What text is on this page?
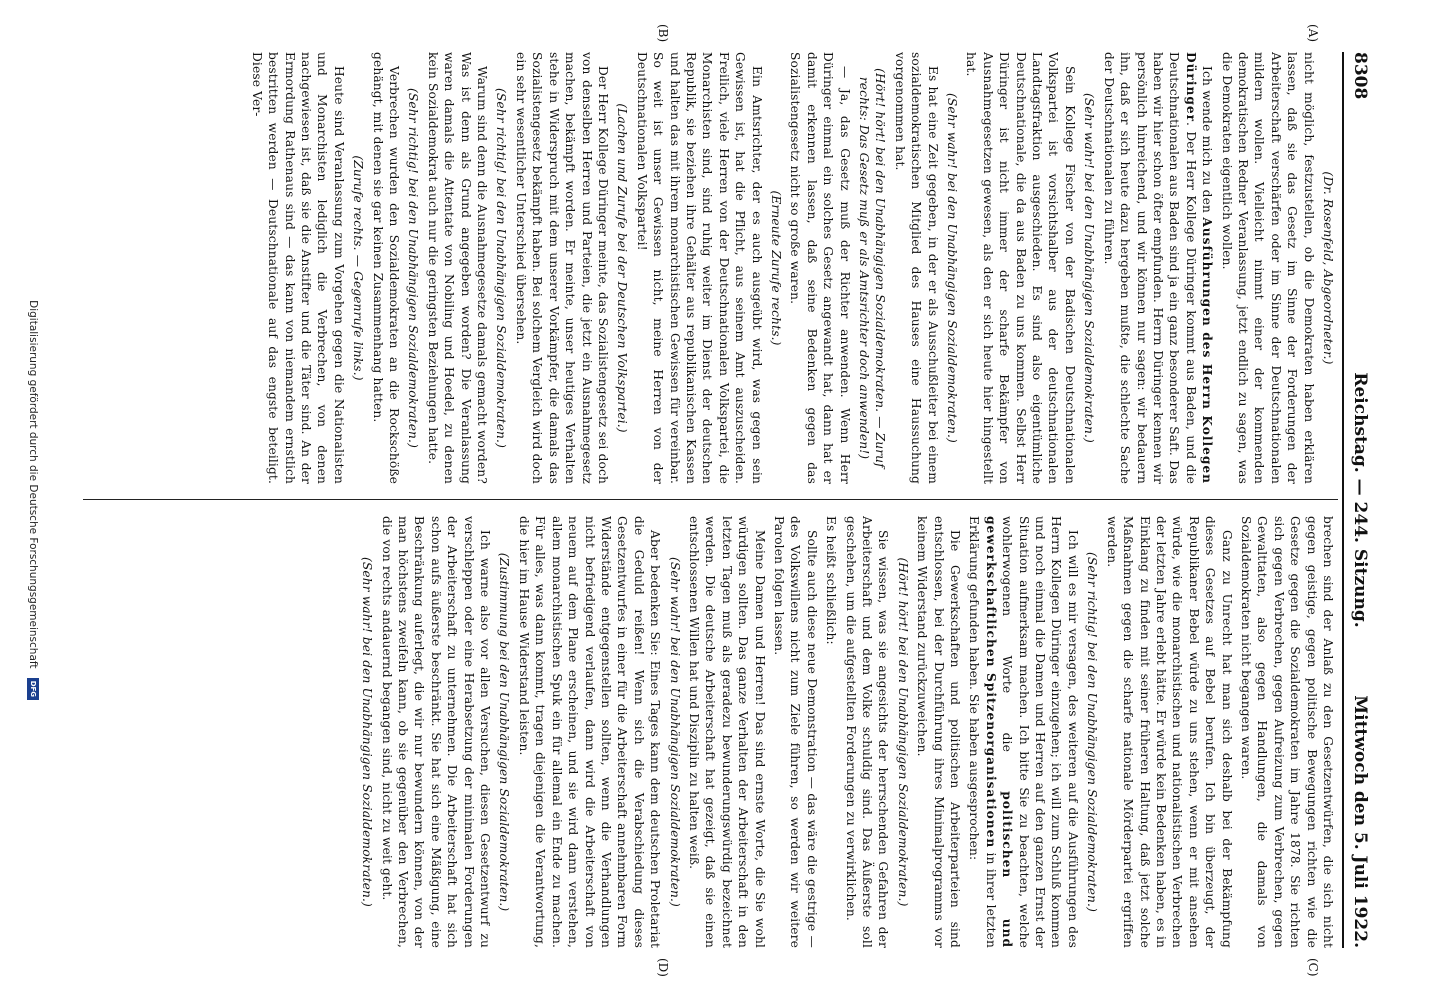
8308
Reichstag. — 244. Sitzung.
Mittwoch den 5. Juli 1922.
(A)
(B)
(C)
(D)

(Dr. Rosenfeld, Abgeordneter.)

nicht möglich, festzustellen, ob die Demokraten haben erklären lassen, daß sie das Gesetz im Sinne der Forderungen der Arbeiterschaft verschärfen oder im Sinne der Deutschnationalen mildern wollen. Vielleicht nimmt einer der kommenden demokratischen Redner Veranlassung, jetzt endlich zu sagen, was die Demokraten eigentlich wollen.

Ich wende mich zu den Ausführungen des Herrn Kollegen Düringer. Der Herr Kollege Düringer kommt aus Baden, und die Deutschnationalen aus Baden sind ja ein ganz besonderer Saft. Das haben wir hier schon öfter empfunden. Herrn Düringer kennen wir persönlich hinreichend, und wir können nur sagen: wir bedauern ihn, daß er sich heute dazu hergeben mußte, die schlechte Sache der Deutschnationalen zu führen.

(Sehr wahr! bei den Unabhängigen Sozialdemokraten.)

Sein Kollege Fischer von der Badischen Deutschnationalen Volkspartei ist vorsichtshalber aus der deutschnationalen Landtagsfraktion ausgeschieden. Es sind also eigentümliche Deutschnationale, die da aus Baden zu uns kommen. Selbst Herr Düringer ist nicht immer der scharfe Bekämpfer von Ausnahmegesetzen gewesen, als den er sich heute hier hingestellt hat.

(Sehr wahr! bei den Unabhängigen Sozialdemokraten.)

Es hat eine Zeit gegeben, in der er als Ausschußleiter bei einem sozialdemokratischen Mitglied des Hauses eine Haussuchung vorgenommen hat.

(Hört! hört! bei den Unabhängigen Sozialdemokraten. — Zuruf rechts: Das Gesetz muß er als Amtsrichter doch anwenden!)

— Ja, das Gesetz muß der Richter anwenden. Wenn Herr Düringer einmal ein solches Gesetz angewandt hat, dann hat er damit erkennen lassen, daß seine Bedenken gegen das Sozialistengesetz nicht so große waren.

(Erneute Zurufe rechts.)

Ein Amtsrichter, der es auch ausgeübt wird, was gegen sein Gewissen ist, hat die Pflicht, aus seinem Amt auszuscheiden. Freilich, viele Herren von der Deutschnationalen Volkspartei, die Monarchisten sind, sind ruhig weiter im Dienst der deutschen Republik, sie beziehen ihre Gehälter aus republikanischen Kassen und halten das mit ihrem monarchistischen Gewissen für vereinbar. So weit ist unser Gewissen nicht, meine Herren von der Deutschnationalen Volkspartei!

(Lachen und Zurufe bei der Deutschen Volkspartei.)

Der Herr Kollege Düringer meinte, das Sozialistengesetz sei doch von denselben Herren und Parteien, die jetzt ein Ausnahmegesetz machen, bekämpft worden. Er meinte, unser heutiges Verhalten stehe in Widerspruch mit dem unserer Vorkämpfer, die damals das Sozialistengesetz bekämpft haben. Bei solchem Vergleich wird doch ein sehr wesentlicher Unterschied übersehen.

(Sehr richtig! bei den Unabhängigen Sozialdemokraten.)

Warum sind denn die Ausnahmegesetze damals gemacht worden? Was ist denn als Grund angegeben worden? Die Veranlassung waren damals die Attentate von Nobiling und Hoedel, zu denen kein Sozialdemokrat auch nur die geringsten Beziehungen hatte.

(Sehr richtig! bei den Unabhängigen Sozialdemokraten.)

Verbrechen wurden den Sozialdemokraten an die Rockschöße gehängt, mit denen sie gar keinen Zusammenhang hatten.

(Zurufe rechts. — Gegenrufe links.)

Heute sind Veranlassung zum Vorgehen gegen die Nationalisten und Monarchisten lediglich die Verbrechen, von denen nachgewiesen ist, daß sie die Anstifter und die Täter sind. An der Ermordung Rathenaus sind — das kann von niemandem ernstlich bestritten werden — Deutschnationale auf das engste beteiligt. Diese Ver-

brechen sind der Anlaß zu den Gesetzentwürfen, die sich nicht gegen geistige, gegen politische Bewegungen richten wie die Gesetze gegen die Sozialdemokraten im Jahre 1878. Sie richten sich gegen Verbrechen, gegen Aufreizung zum Verbrechen, gegen Gewalttaten, also gegen Handlungen, die damals von Sozialdemokraten nicht begangen waren.

Ganz zu Unrecht hat man sich deshalb bei der Bekämpfung dieses Gesetzes auf Bebel berufen. Ich bin überzeugt, der Republikaner Bebel würde zu uns stehen, wenn er mit ansehen würde, wie die monarchistischen und nationalistischen Verbrechen der letzten Jahre erlebt hätte. Er würde kein Bedenken haben, es in Einklang zu finden mit seiner früheren Haltung, daß jetzt solche Maßnahmen gegen die scharfe nationale Mörderpartei ergriffen werden.

(Sehr richtig! bei den Unabhängigen Sozialdemokraten.)

Ich will es mir versagen, des weiteren auf die Ausführungen des Herrn Kollegen Düringer einzugehen; ich will zum Schluß kommen und noch einmal die Damen und Herren auf den ganzen Ernst der Situation aufmerksam machen. Ich bitte Sie zu beachten, welche wohlerwogenen Worte die politischen und gewerkschaftlichen Spitzenorganisationen in ihrer letzten Erklärung gefunden haben. Sie haben ausgesprochen:

Die Gewerkschaften und politischen Arbeiterparteien sind entschlossen, bei der Durchführung ihres Minimalprogramms vor keinem Widerstand zurückzuweichen.

(Hört! hört! bei den Unabhängigen Sozialdemokraten.)

Sie wissen, was sie angesichts der herrschenden Gefahren der Arbeiterschaft und dem Volke schuldig sind. Das Äußerste soll geschehen, um die aufgestellten Forderungen zu verwirklichen.

Es heißt schließlich:

Sollte auch diese neue Demonstration — das wäre die gestrige — des Volkswillens nicht zum Ziele führen, so werden wir weitere Parolen folgen lassen.

Meine Damen und Herren! Das sind ernste Worte, die Sie wohl würdigen sollten. Das ganze Verhalten der Arbeiterschaft in den letzten Tagen muß als geradezu bewunderungswürdig bezeichnet werden. Die deutsche Arbeiterschaft hat gezeigt, daß sie einen entschlossenen Willen hat und Disziplin zu halten weiß.

(Sehr wahr! bei den Unabhängigen Sozialdemokraten.)

Aber bedenken Sie: Eines Tages kann dem deutschen Proletariat die Geduld reißen! Wenn sich die Verabschiedung dieses Gesetzentwurfes in einer für die Arbeiterschaft annehmbaren Form Widerstände entgegenstellen sollten, wenn die Verhandlungen nicht befriedigend verlaufen, dann wird die Arbeiterschaft von neuem auf dem Plane erscheinen, und sie wird dann verstehen, allem monarchistischen Spuk ein für allemal ein Ende zu machen. Für alles, was dann kommt, tragen diejenigen die Verantwortung, die hier im Hause Widerstand leisten.

(Zustimmung bei den Unabhängigen Sozialdemokraten.)

Ich warne also vor allen Versuchen, diesen Gesetzentwurf zu verschleppen oder eine Herabsetzung der minimalen Forderungen der Arbeiterschaft zu unternehmen. Die Arbeiterschaft hat sich schon aufs äußerste beschränkt. Sie hat sich eine Mäßigung, eine Beschränkung auferlegt, die wir nur bewundern können, von der man höchstens zweifeln kann, ob sie gegenüber den Verbrechen, die von rechts andauernd begangen sind, nicht zu weit geht.

(Sehr wahr! bei den Unabhängigen Sozialdemokraten.)

Digitalisierung gefördert durch die Deutsche Forschungsgemeinschaft DFG
